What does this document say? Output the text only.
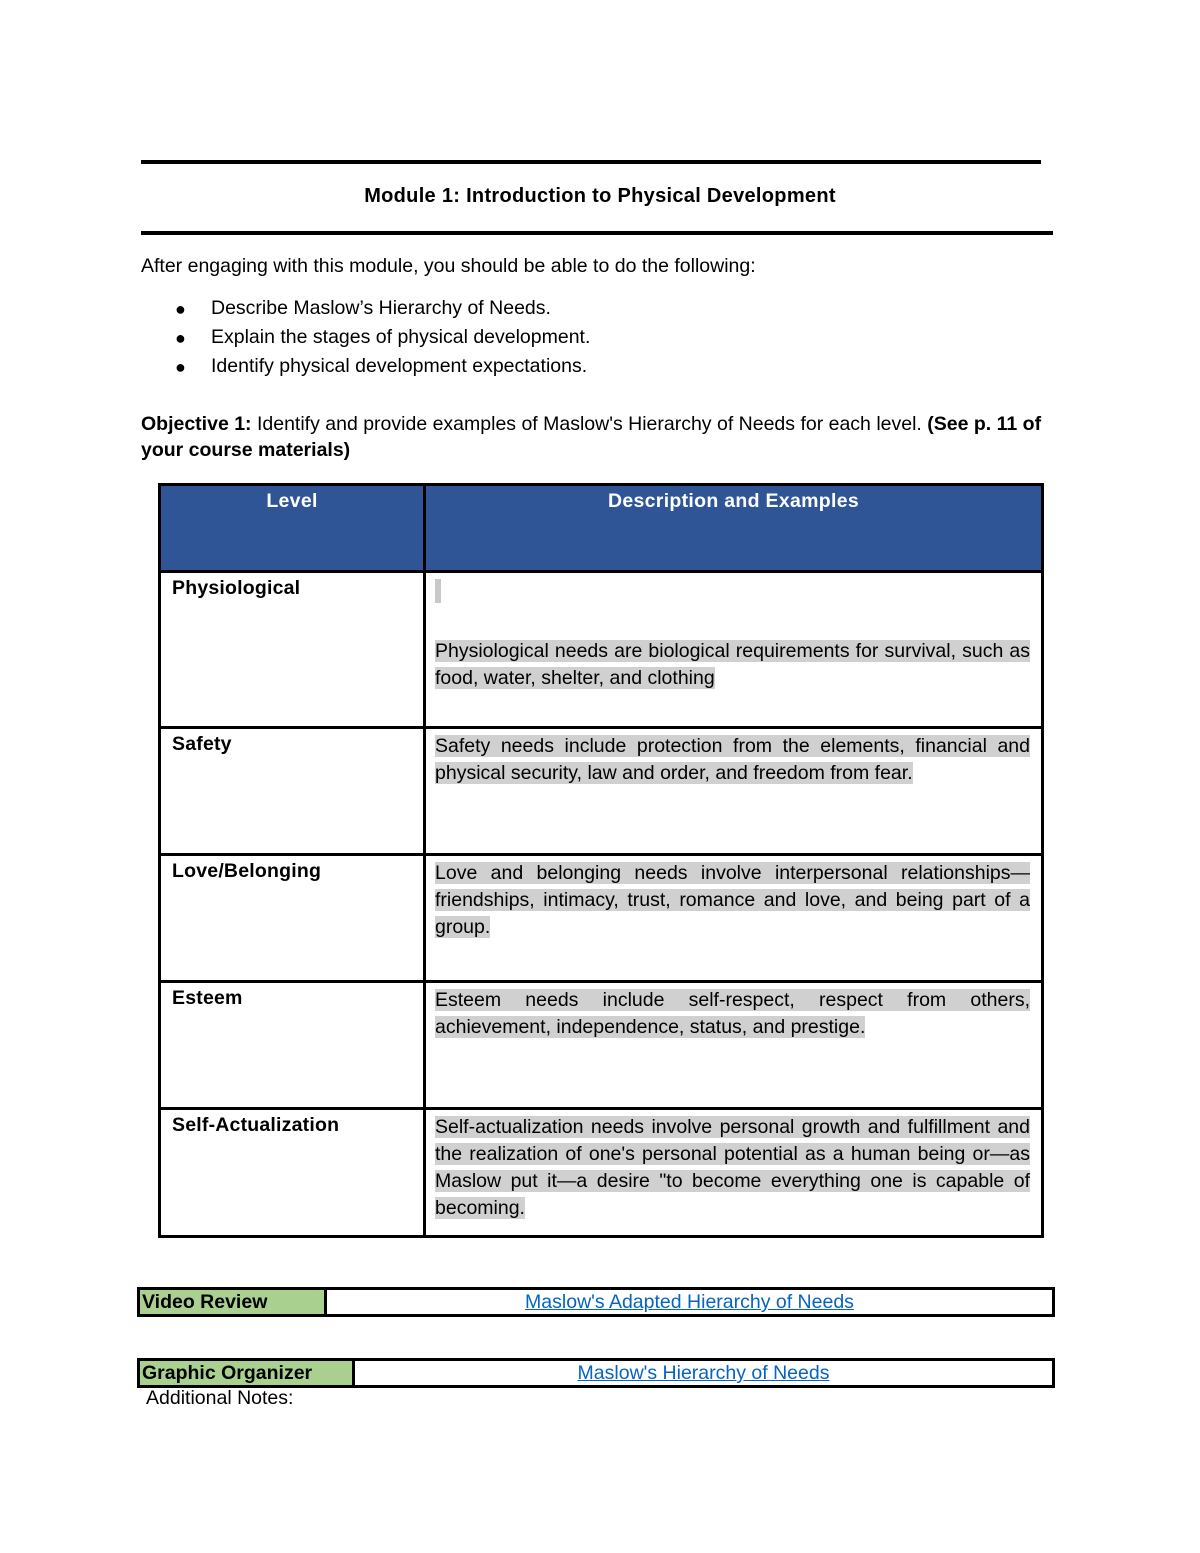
Module 1: Introduction to Physical Development
After engaging with this module, you should be able to do the following:
● Describe Maslow’s Hierarchy of Needs.
● Explain the stages of physical development.
● Identify physical development expectations.
Objective 1: Identify and provide examples of Maslow's Hierarchy of Needs for each level. (See p. 11 of your course materials)
Level	Description and Examples
Physiological	Physiological needs are biological requirements for survival, such as food, water, shelter, and clothing
Safety	Safety needs include protection from the elements, financial and physical security, law and order, and freedom from fear.
Love/Belonging	Love and belonging needs involve interpersonal relationships—friendships, intimacy, trust, romance and love, and being part of a group.
Esteem	Esteem needs include self-respect, respect from others, achievement, independence, status, and prestige.
Self-Actualization	Self-actualization needs involve personal growth and fulfillment and the realization of one's personal potential as a human being or—as Maslow put it—a desire "to become everything one is capable of becoming.
Video Review	Maslow's Adapted Hierarchy of Needs
Graphic Organizer	Maslow's Hierarchy of Needs
Additional Notes:
